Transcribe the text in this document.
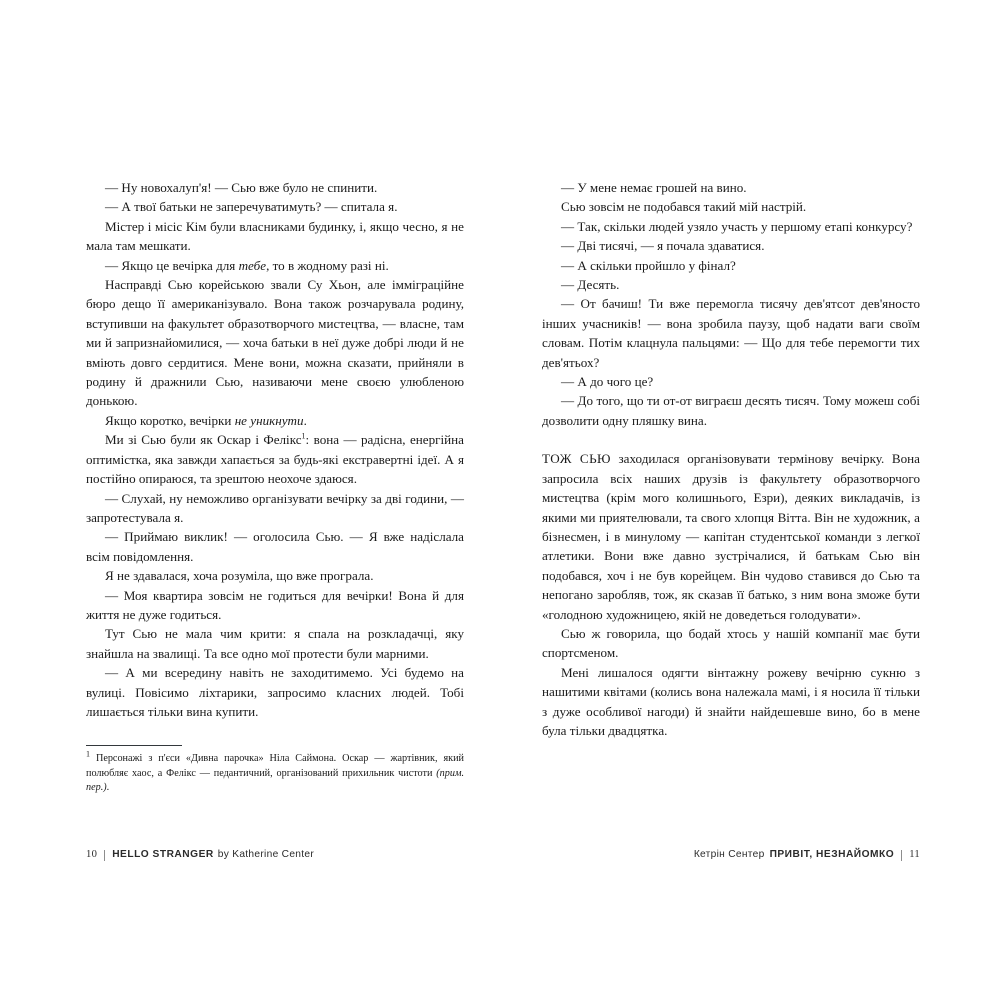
— Ну новохалуп'я! — Сью вже було не спинити.

— А твої батьки не заперечуватимуть? — спитала я.

Містер і місіс Кім були власниками будинку, і, якщо чесно, я не мала там мешкати.

— Якщо це вечірка для тебе, то в жодному разі ні.

Насправді Сью корейською звали Су Хьон, але імміграційне бюро дещо її американізувало. Вона також розчарувала родину, вступивши на факультет образотворчого мистецтва, — власне, там ми й запризнайомилися, — хоча батьки в неї дуже добрі люди й не вміють довго сердитися. Мене вони, можна сказати, прийняли в родину й дражнили Сью, називаючи мене своєю улюбленою донькою.

Якщо коротко, вечірки не уникнути.

Ми зі Сью були як Оскар і Фелікс$^1$: вона — радісна, енергійна оптимістка, яка завжди хапається за будь-які екстравертні ідеї. А я постійно опираюся, та зрештою неохоче здаюся.

— Слухай, ну неможливо організувати вечірку за дві години, — запротестувала я.

— Приймаю виклик! — оголосила Сью. — Я вже надіслала всім повідомлення.

Я не здавалася, хоча розуміла, що вже програла.

— Моя квартира зовсім не годиться для вечірки! Вона й для життя не дуже годиться.

Тут Сью не мала чим крити: я спала на розкладачці, яку знайшла на звалищі. Та все одно мої протести були марними.

— А ми всередину навіть не заходитимемо. Усі будемо на вулиці. Повісимо ліхтарики, запросимо класних людей. Тобі лишається тільки вина купити.

$^1$ Персонажі з п'єси «Дивна парочка» Ніла Саймона. Оскар — жартівник, який полюбляє хаос, а Фелікс — педантичний, організований прихильник чистоти (прим. пер.).

10 HELLO STRANGER by Katherine Center

— У мене немає грошей на вино.

Сью зовсім не подобався такий мій настрій.

— Так, скільки людей узяло участь у першому етапі конкурсу?

— Дві тисячі, — я почала здаватися.

— А скільки пройшло у фінал?

— Десять.

— От бачиш! Ти вже перемогла тисячу дев'ятсот дев'яносто інших учасників! — вона зробила паузу, щоб надати ваги своїм словам. Потім клацнула пальцями: — Що для тебе перемогти тих дев'ятьох?

— А до чого це?

— До того, що ти от-от виграєш десять тисяч. Тому можеш собі дозволити одну пляшку вина.

ТОЖ СЬЮ заходилася організовувати термінову вечірку. Вона запросила всіх наших друзів із факультету образотворчого мистецтва (крім мого колишнього, Езри), деяких викладачів, із якими ми приятелювали, та свого хлопця Вітта. Він не художник, а бізнесмен, і в минулому — капітан студентської команди з легкої атлетики. Вони вже давно зустрічалися, й батькам Сью він подобався, хоч і не був корейцем. Він чудово ставився до Сью та непогано заробляв, тож, як сказав її батько, з ним вона зможе бути «голодною художницею, якій не доведеться голодувати».

Сью ж говорила, що бодай хтось у нашій компанії має бути спортсменом.

Мені лишалося одягти вінтажну рожеву вечірню сукню з нашитими квітами (колись вона належала мамі, і я носила її тільки з дуже особливої нагоди) й знайти найдешевше вино, бо в мене була тільки двадцятка.

Кетрін Сентер ПРИВІТ, НЕЗНАЙОМКО 11
